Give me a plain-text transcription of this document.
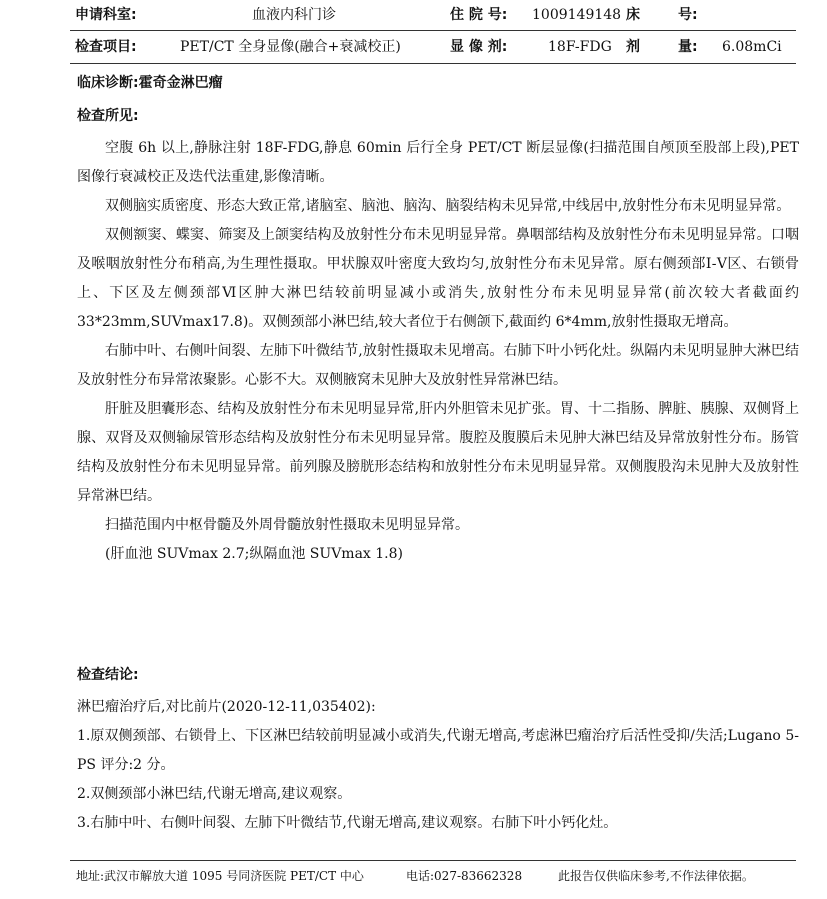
申请科室:	血液内科门诊	住 院 号: 1009149148 床	号:
检查项目:	PET/CT 全身显像(融合+衰减校正)	显 像 剂:	18F-FDG 剂	量: 6.08mCi
临床诊断:霍奇金淋巴瘤
检查所见:

空腹 6h 以上,静脉注射 18F-FDG,静息 60min 后行全身 PET/CT 断层显像(扫描范围自颅顶至股部上段),PET 图像行衰减校正及迭代法重建,影像清晰。

双侧脑实质密度、形态大致正常,诸脑室、脑池、脑沟、脑裂结构未见异常,中线居中,放射性分布未见明显异常。

双侧额窦、蝶窦、筛窦及上颌窦结构及放射性分布未见明显异常。鼻咽部结构及放射性分布未见明显异常。口咽及喉咽放射性分布稍高,为生理性摄取。甲状腺双叶密度大致均匀,放射性分布未见异常。原右侧颈部Ⅰ-Ⅴ区、右锁骨上、下区及左侧颈部Ⅵ区肿大淋巴结较前明显减小或消失,放射性分布未见明显异常(前次较大者截面约 33*23mm,SUVmax17.8)。双侧颈部小淋巴结,较大者位于右侧颌下,截面约 6*4mm,放射性摄取无增高。

右肺中叶、右侧叶间裂、左肺下叶微结节,放射性摄取未见增高。右肺下叶小钙化灶。纵隔内未见明显肿大淋巴结及放射性分布异常浓聚影。心影不大。双侧腋窝未见肿大及放射性异常淋巴结。

肝脏及胆囊形态、结构及放射性分布未见明显异常,肝内外胆管未见扩张。胃、十二指肠、脾脏、胰腺、双侧肾上腺、双肾及双侧输尿管形态结构及放射性分布未见明显异常。腹腔及腹膜后未见肿大淋巴结及异常放射性分布。肠管结构及放射性分布未见明显异常。前列腺及膀胱形态结构和放射性分布未见明显异常。双侧腹股沟未见肿大及放射性异常淋巴结。

扫描范围内中枢骨髓及外周骨髓放射性摄取未见明显异常。

(肝血池 SUVmax 2.7;纵隔血池 SUVmax 1.8)

检查结论:

淋巴瘤治疗后,对比前片(2020-12-11,035402):

1.原双侧颈部、右锁骨上、下区淋巴结较前明显减小或消失,代谢无增高,考虑淋巴瘤治疗后活性受抑/失活;Lugano 5-PS 评分:2 分。

2.双侧颈部小淋巴结,代谢无增高,建议观察。

3.右肺中叶、右侧叶间裂、左肺下叶微结节,代谢无增高,建议观察。右肺下叶小钙化灶。

地址:武汉市解放大道 1095 号同济医院 PET/CT 中心	电话:027-83662328	此报告仅供临床参考,不作法律依据。
